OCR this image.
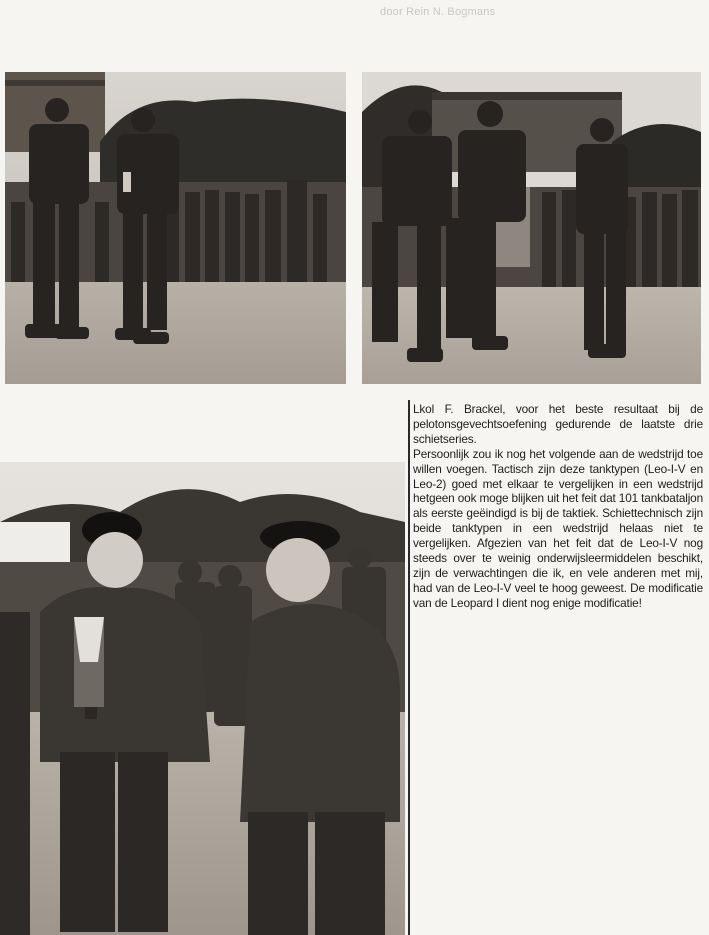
door Rein N. Bogmans

Lkol F. Brackel, voor het beste resultaat bij de pelotonsgevechtsoefening gedurende de laatste drie schietseries.

Persoonlijk zou ik nog het volgende aan de wedstrijd toe willen voegen. Tactisch zijn deze tanktypen (Leo-I-V en Leo-2) goed met elkaar te vergelijken in een wedstrijd hetgeen ook moge blijken uit het feit dat 101 tankbataljon als eerste geëindigd is bij de taktiek. Schiettechnisch zijn beide tanktypen in een wedstrijd helaas niet te vergelijken. Afgezien van het feit dat de Leo-I-V nog steeds over te weinig onderwijsleermiddelen beschikt, zijn de verwachtingen die ik, en vele anderen met mij, had van de Leo-I-V veel te hoog geweest. De modificatie van de Leopard I dient nog enige modificatie!
